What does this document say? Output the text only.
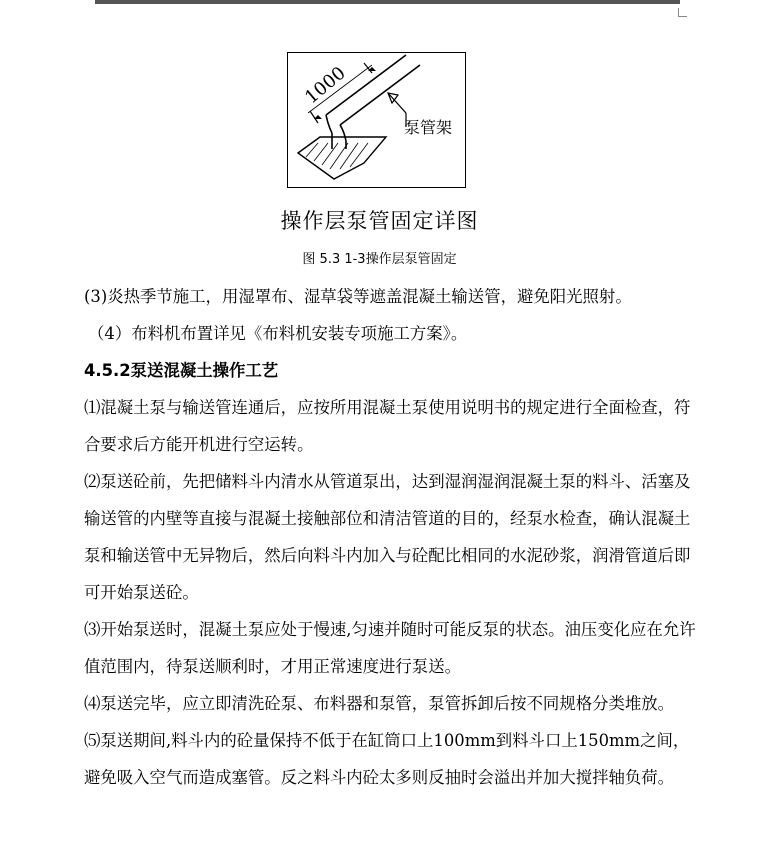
1000
泵管架
操作层泵管固定详图
图 5.3 1-3操作层泵管固定

(3)炎热季节施工，用湿罩布、湿草袋等遮盖混凝土输送管，避免阳光照射。

（4）布料机布置详见《布料机安装专项施工方案》。

4.5.2泵送混凝土操作工艺

⑴混凝土泵与输送管连通后，应按所用混凝土泵使用说明书的规定进行全面检查，符合要求后方能开机进行空运转。

⑵泵送砼前，先把储料斗内清水从管道泵出，达到湿润湿润混凝土泵的料斗、活塞及输送管的内壁等直接与混凝土接触部位和清洁管道的目的，经泵水检查，确认混凝土泵和输送管中无异物后，然后向料斗内加入与砼配比相同的水泥砂浆，润滑管道后即可开始泵送砼。

⑶开始泵送时，混凝土泵应处于慢速,匀速并随时可能反泵的状态。油压变化应在允许值范围内，待泵送顺利时，才用正常速度进行泵送。

⑷泵送完毕，应立即清洗砼泵、布料器和泵管，泵管拆卸后按不同规格分类堆放。

⑸泵送期间,料斗内的砼量保持不低于在缸筒口上100mm到料斗口上150mm之间，避免吸入空气而造成塞管。反之料斗内砼太多则反抽时会溢出并加大搅拌轴负荷。
